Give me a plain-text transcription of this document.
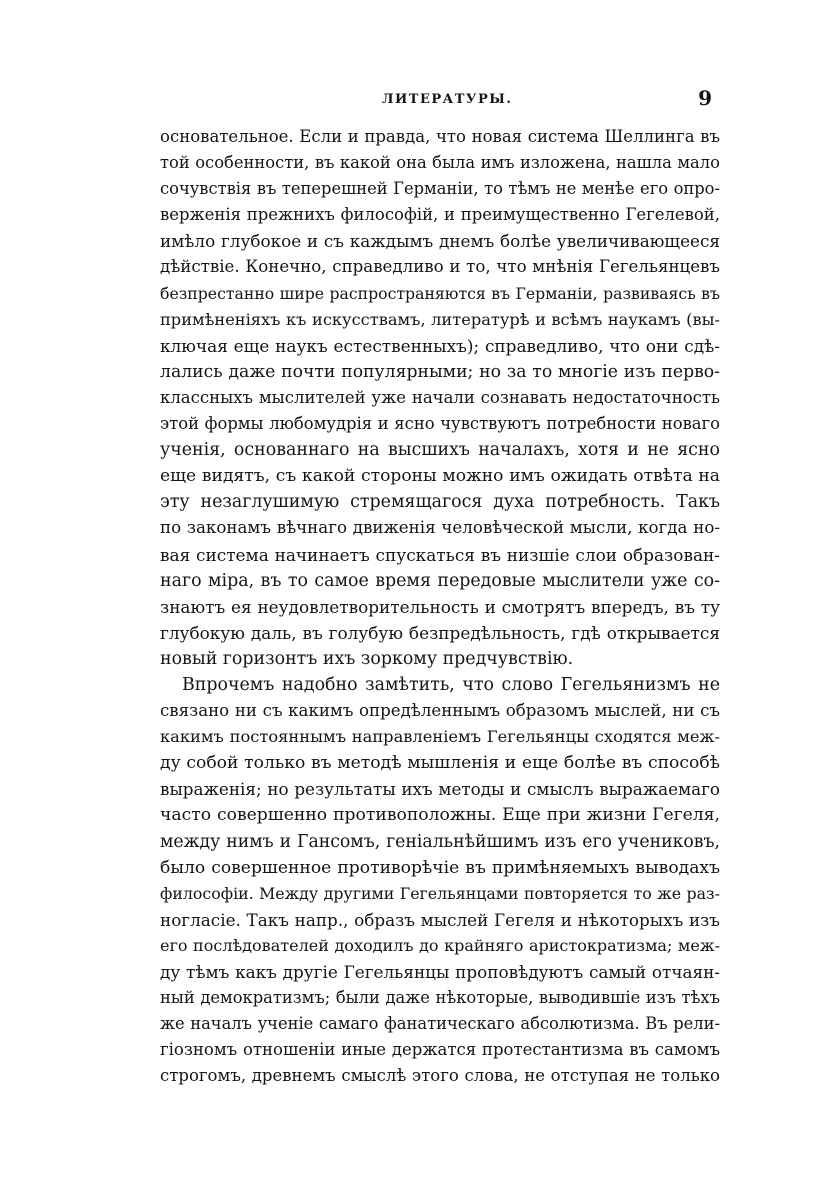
ЛИТЕРАТУРЫ.	9
основательное. Если и правда, что новая система Шеллинга въ
той особенности, въ какой она была имъ изложена, нашла мало
сочувствія въ теперешней Германіи, то тѣмъ не менѣе его опро-
верженія прежнихъ философій, и преимущественно Гегелевой,
имѣло глубокое и съ каждымъ днемъ болѣе увеличивающееся
дѣйствіе. Конечно, справедливо и то, что мнѣнія Гегельянцевъ
безпрестанно шире распространяются въ Германіи, развиваясь въ
примѣненіяхъ къ искусствамъ, литературѣ и всѣмъ наукамъ (вы-
ключая еще наукъ естественныхъ); справедливо, что они сдѣ-
лались даже почти популярными; но за то многіе изъ перво-
классныхъ мыслителей уже начали сознавать недостаточность
этой формы любомудрія и ясно чувствуютъ потребности новаго
ученія, основаннаго на высшихъ началахъ, хотя и не ясно
еще видятъ, съ какой стороны можно имъ ожидать отвѣта на
эту незаглушимую стремящагося духа потребность. Такъ
по законамъ вѣчнаго движенія человѣческой мысли, когда но-
вая система начинаетъ спускаться въ низшіе слои образован-
наго міра, въ то самое время передовые мыслители уже со-
знаютъ ея неудовлетворительность и смотрятъ впередъ, въ ту
глубокую даль, въ голубую безпредѣльность, гдѣ открывается
новый горизонтъ ихъ зоркому предчувствію.
Впрочемъ надобно замѣтить, что слово Гегельянизмъ не
связано ни съ какимъ опредѣленнымъ образомъ мыслей, ни съ
какимъ постояннымъ направленіемъ Гегельянцы сходятся меж-
ду собой только въ методѣ мышленія и еще болѣе въ способѣ
выраженія; но результаты ихъ методы и смыслъ выражаемаго
часто совершенно противоположны. Еще при жизни Гегеля,
между нимъ и Гансомъ, геніальнѣйшимъ изъ его учениковъ,
было совершенное противорѣчіе въ примѣняемыхъ выводахъ
философіи. Между другими Гегельянцами повторяется то же раз-
ногласіе. Такъ напр., образъ мыслей Гегеля и нѣкоторыхъ изъ
его послѣдователей доходилъ до крайняго аристократизма; меж-
ду тѣмъ какъ другіе Гегельянцы проповѣдуютъ самый отчаян-
ный демократизмъ; были даже нѣкоторые, выводившіе изъ тѣхъ
же началъ ученіе самаго фанатическаго абсолютизма. Въ рели-
гіозномъ отношеніи иные держатся протестантизма въ самомъ
строгомъ, древнемъ смыслѣ этого слова, не отступая не только
